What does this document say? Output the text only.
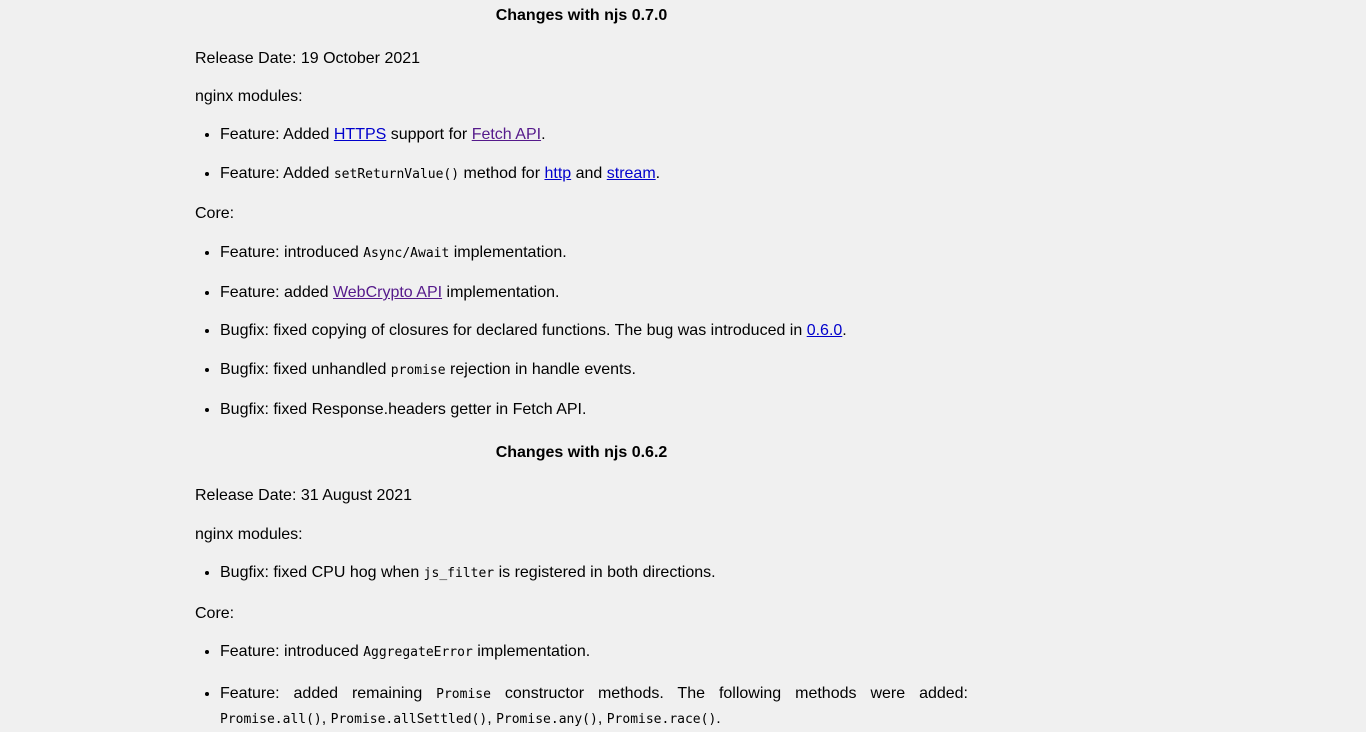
Changes with njs 0.7.0

Release Date: 19 October 2021

nginx modules:

• Feature: Added HTTPS support for Fetch API.
• Feature: Added setReturnValue() method for http and stream.

Core:

• Feature: introduced Async/Await implementation.
• Feature: added WebCrypto API implementation.
• Bugfix: fixed copying of closures for declared functions. The bug was introduced in 0.6.0.
• Bugfix: fixed unhandled promise rejection in handle events.
• Bugfix: fixed Response.headers getter in Fetch API.
Changes with njs 0.6.2

Release Date: 31 August 2021

nginx modules:

• Bugfix: fixed CPU hog when js_filter is registered in both directions.

Core:

• Feature: introduced AggregateError implementation.
• Feature: added remaining Promise constructor methods. The following methods were added: Promise.all(), Promise.allSettled(), Promise.any(), Promise.race().
